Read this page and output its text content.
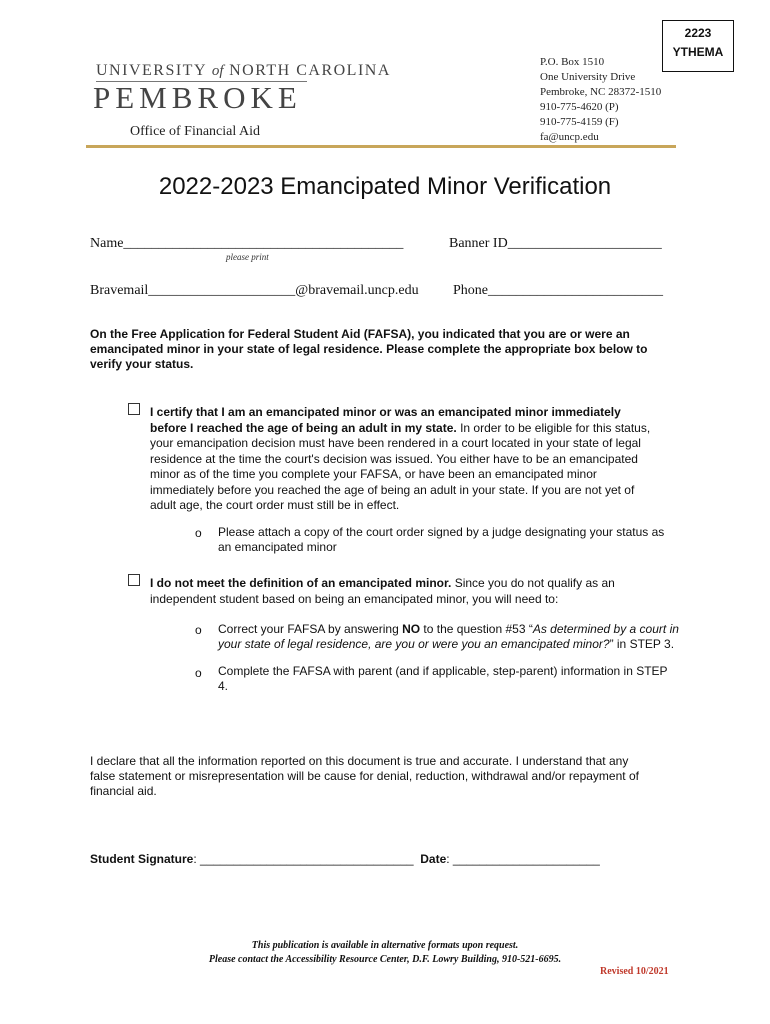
2223
YTHEMA
UNIVERSITY of NORTH CAROLINA
PEMBROKE
Office of Financial Aid
P.O. Box 1510
One University Drive
Pembroke, NC 28372-1510
910-775-4620 (P)
910-775-4159 (F)
fa@uncp.edu
2022-2023 Emancipated Minor Verification
Name________________________________________	Banner ID______________________
please print
Bravemail_____________________@bravemail.uncp.edu Phone_________________________
On the Free Application for Federal Student Aid (FAFSA), you indicated that you are or were an emancipated minor in your state of legal residence. Please complete the appropriate box below to verify your status.
I certify that I am an emancipated minor or was an emancipated minor immediately before I reached the age of being an adult in my state. In order to be eligible for this status, your emancipation decision must have been rendered in a court located in your state of legal residence at the time the court's decision was issued. You either have to be an emancipated minor as of the time you complete your FAFSA, or have been an emancipated minor immediately before you reached the age of being an adult in your state. If you are not yet of adult age, the court order must still be in effect.
o Please attach a copy of the court order signed by a judge designating your status as an emancipated minor
I do not meet the definition of an emancipated minor. Since you do not qualify as an independent student based on being an emancipated minor, you will need to:
o Correct your FAFSA by answering NO to the question #53 “As determined by a court in your state of legal residence, are you or were you an emancipated minor?” in STEP 3.
o Complete the FAFSA with parent (and if applicable, step-parent) information in STEP 4.
I declare that all the information reported on this document is true and accurate. I understand that any false statement or misrepresentation will be cause for denial, reduction, withdrawal and/or repayment of financial aid.
Student Signature: ________________________________ Date: ______________________
This publication is available in alternative formats upon request.
Please contact the Accessibility Resource Center, D.F. Lowry Building, 910-521-6695.
Revised 10/2021
